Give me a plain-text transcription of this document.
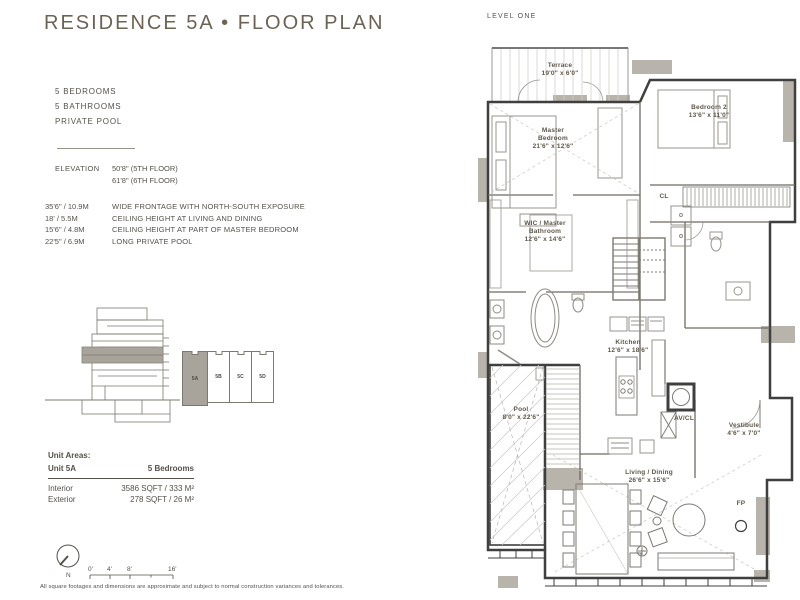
RESIDENCE 5A • FLOOR PLAN
5 BEDROOMS
5 BATHROOMS
PRIVATE POOL
ELEVATION	50'8" (5TH FLOOR)
61'8" (6TH FLOOR)
35'6" / 10.9M	WIDE FRONTAGE WITH NORTH-SOUTH EXPOSURE
18' / 5.5M	CEILING HEIGHT AT LIVING AND DINING
15'6" / 4.8M	CEILING HEIGHT AT PART OF MASTER BEDROOM
22'5" / 6.9M	LONG PRIVATE POOL
5A	5B	5C	5D
Unit Areas:
Unit 5A	5 Bedrooms
Interior	3586 SQFT / 333 M²
Exterior	278 SQFT / 26 M²
N
0' 4' 8'	16'
All square footages and dimensions are approximate and subject to normal construction variances and tolerances.
LEVEL ONE
Terrace
19'0" x 6'0"
Master Bedroom
21'6" x 12'6"
Bedroom 2
13'6" x 11'0"
CL
WIC / Master Bathroom
12'6" x 14'6"
Kitchen
12'6" x 18'6"
Pool
8'0" x 22'6"	AV/CL
Vestibule
4'6" x 7'0"
Living / Dining
26'6" x 15'6"
FP
